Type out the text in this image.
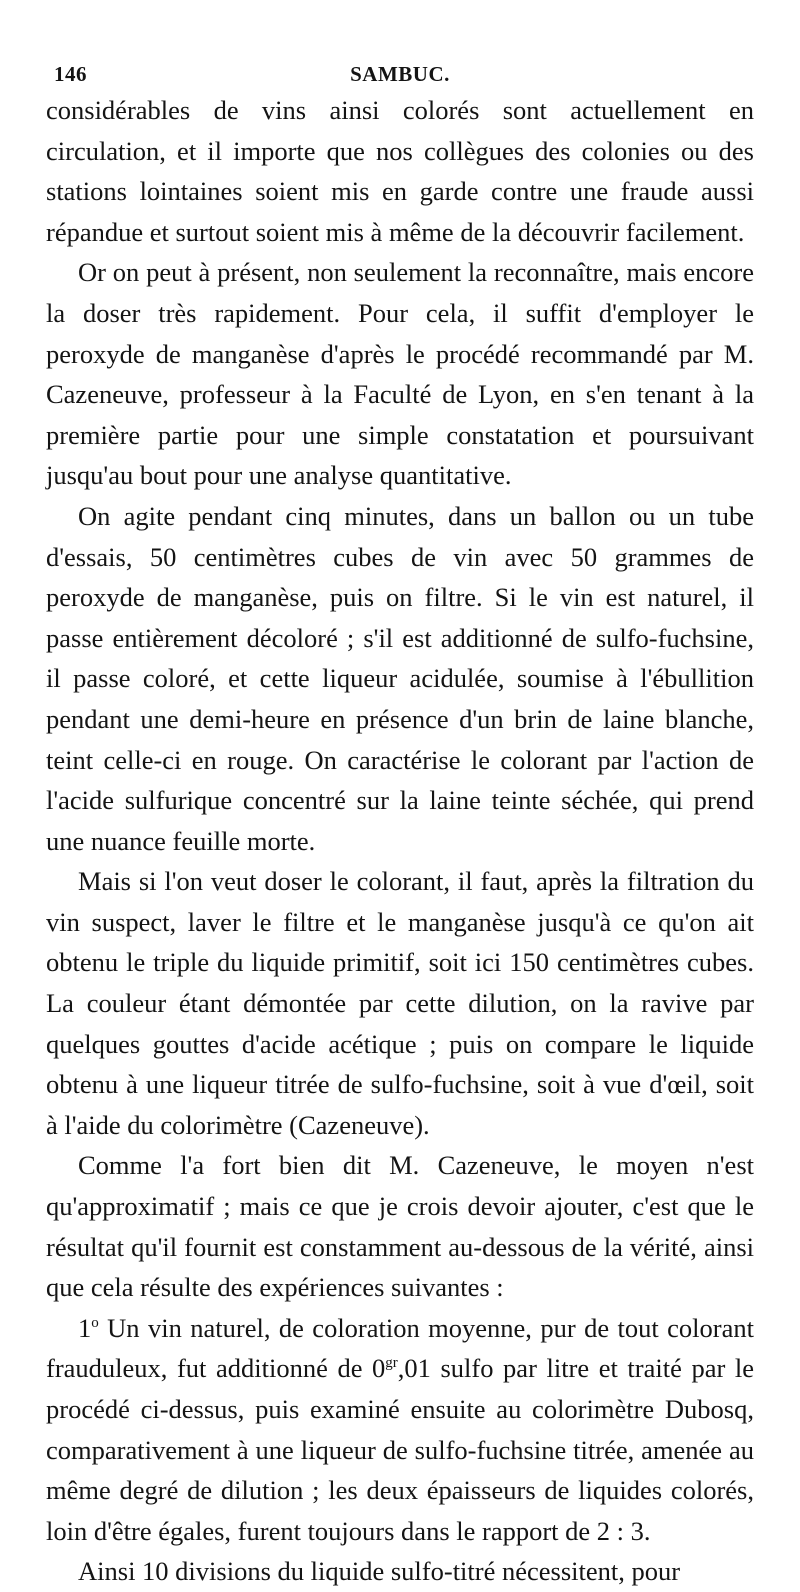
146	SAMBUC.

considérables de vins ainsi colorés sont actuellement en circulation, et il importe que nos collègues des colonies ou des stations lointaines soient mis en garde contre une fraude aussi répandue et surtout soient mis à même de la découvrir facilement.

Or on peut à présent, non seulement la reconnaître, mais encore la doser très rapidement. Pour cela, il suffit d'employer le peroxyde de manganèse d'après le procédé recommandé par M. Cazeneuve, professeur à la Faculté de Lyon, en s'en tenant à la première partie pour une simple constatation et poursuivant jusqu'au bout pour une analyse quantitative.

On agite pendant cinq minutes, dans un ballon ou un tube d'essais, 50 centimètres cubes de vin avec 50 grammes de peroxyde de manganèse, puis on filtre. Si le vin est naturel, il passe entièrement décoloré ; s'il est additionné de sulfo-fuchsine, il passe coloré, et cette liqueur acidulée, soumise à l'ébullition pendant une demi-heure en présence d'un brin de laine blanche, teint celle-ci en rouge. On caractérise le colorant par l'action de l'acide sulfurique concentré sur la laine teinte séchée, qui prend une nuance feuille morte.

Mais si l'on veut doser le colorant, il faut, après la filtration du vin suspect, laver le filtre et le manganèse jusqu'à ce qu'on ait obtenu le triple du liquide primitif, soit ici 150 centimètres cubes. La couleur étant démontée par cette dilution, on la ravive par quelques gouttes d'acide acétique ; puis on compare le liquide obtenu à une liqueur titrée de sulfo-fuchsine, soit à vue d'œil, soit à l'aide du colorimètre (Cazeneuve).

Comme l'a fort bien dit M. Cazeneuve, le moyen n'est qu'approximatif ; mais ce que je crois devoir ajouter, c'est que le résultat qu'il fournit est constamment au-dessous de la vérité, ainsi que cela résulte des expériences suivantes :

1$^o$ Un vin naturel, de coloration moyenne, pur de tout colorant frauduleux, fut additionné de $0^{gr},01$ sulfo par litre et traité par le procédé ci-dessus, puis examiné ensuite au colorimètre Dubosq, comparativement à une liqueur de sulfo-fuchsine titrée, amenée au même degré de dilution ; les deux épaisseurs de liquides colorés, loin d'être égales, furent toujours dans le rapport de 2 : 3.

Ainsi 10 divisions du liquide sulfo-titré nécessitent, pour
